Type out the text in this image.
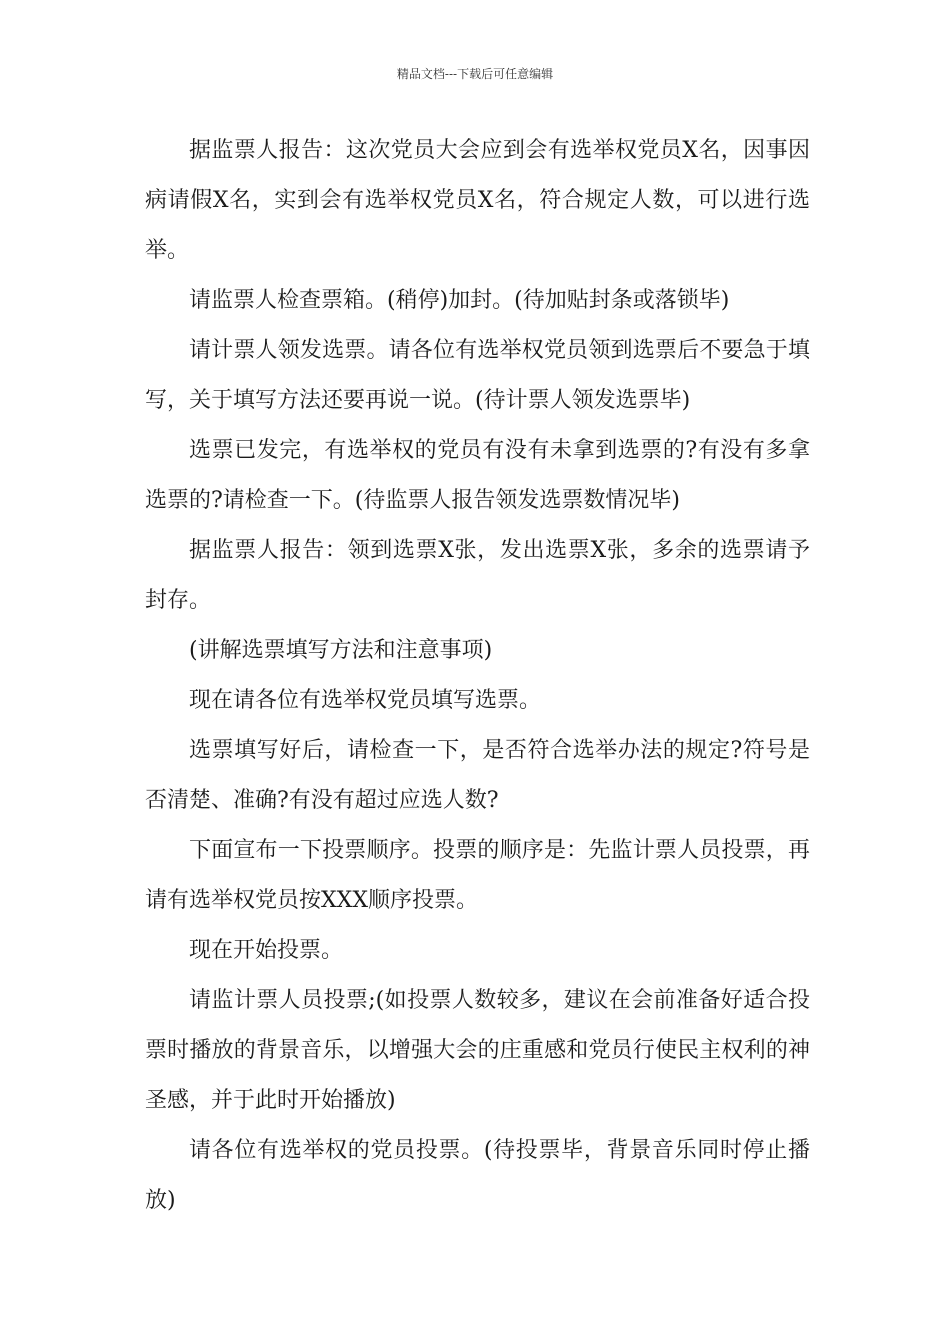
精品文档---下载后可任意编辑

据监票人报告：这次党员大会应到会有选举权党员X名，因事因病请假X名，实到会有选举权党员X名，符合规定人数，可以进行选举。

请监票人检查票箱。(稍停)加封。(待加贴封条或落锁毕)

请计票人领发选票。请各位有选举权党员领到选票后不要急于填写，关于填写方法还要再说一说。(待计票人领发选票毕)

选票已发完，有选举权的党员有没有未拿到选票的?有没有多拿选票的?请检查一下。(待监票人报告领发选票数情况毕)

据监票人报告：领到选票X张，发出选票X张，多余的选票请予封存。

(讲解选票填写方法和注意事项)

现在请各位有选举权党员填写选票。

选票填写好后，请检查一下，是否符合选举办法的规定?符号是否清楚、准确?有没有超过应选人数?

下面宣布一下投票顺序。投票的顺序是：先监计票人员投票，再请有选举权党员按XXX顺序投票。

现在开始投票。

请监计票人员投票;(如投票人数较多，建议在会前准备好适合投票时播放的背景音乐，以增强大会的庄重感和党员行使民主权利的神圣感，并于此时开始播放)

请各位有选举权的党员投票。(待投票毕，背景音乐同时停止播放)
